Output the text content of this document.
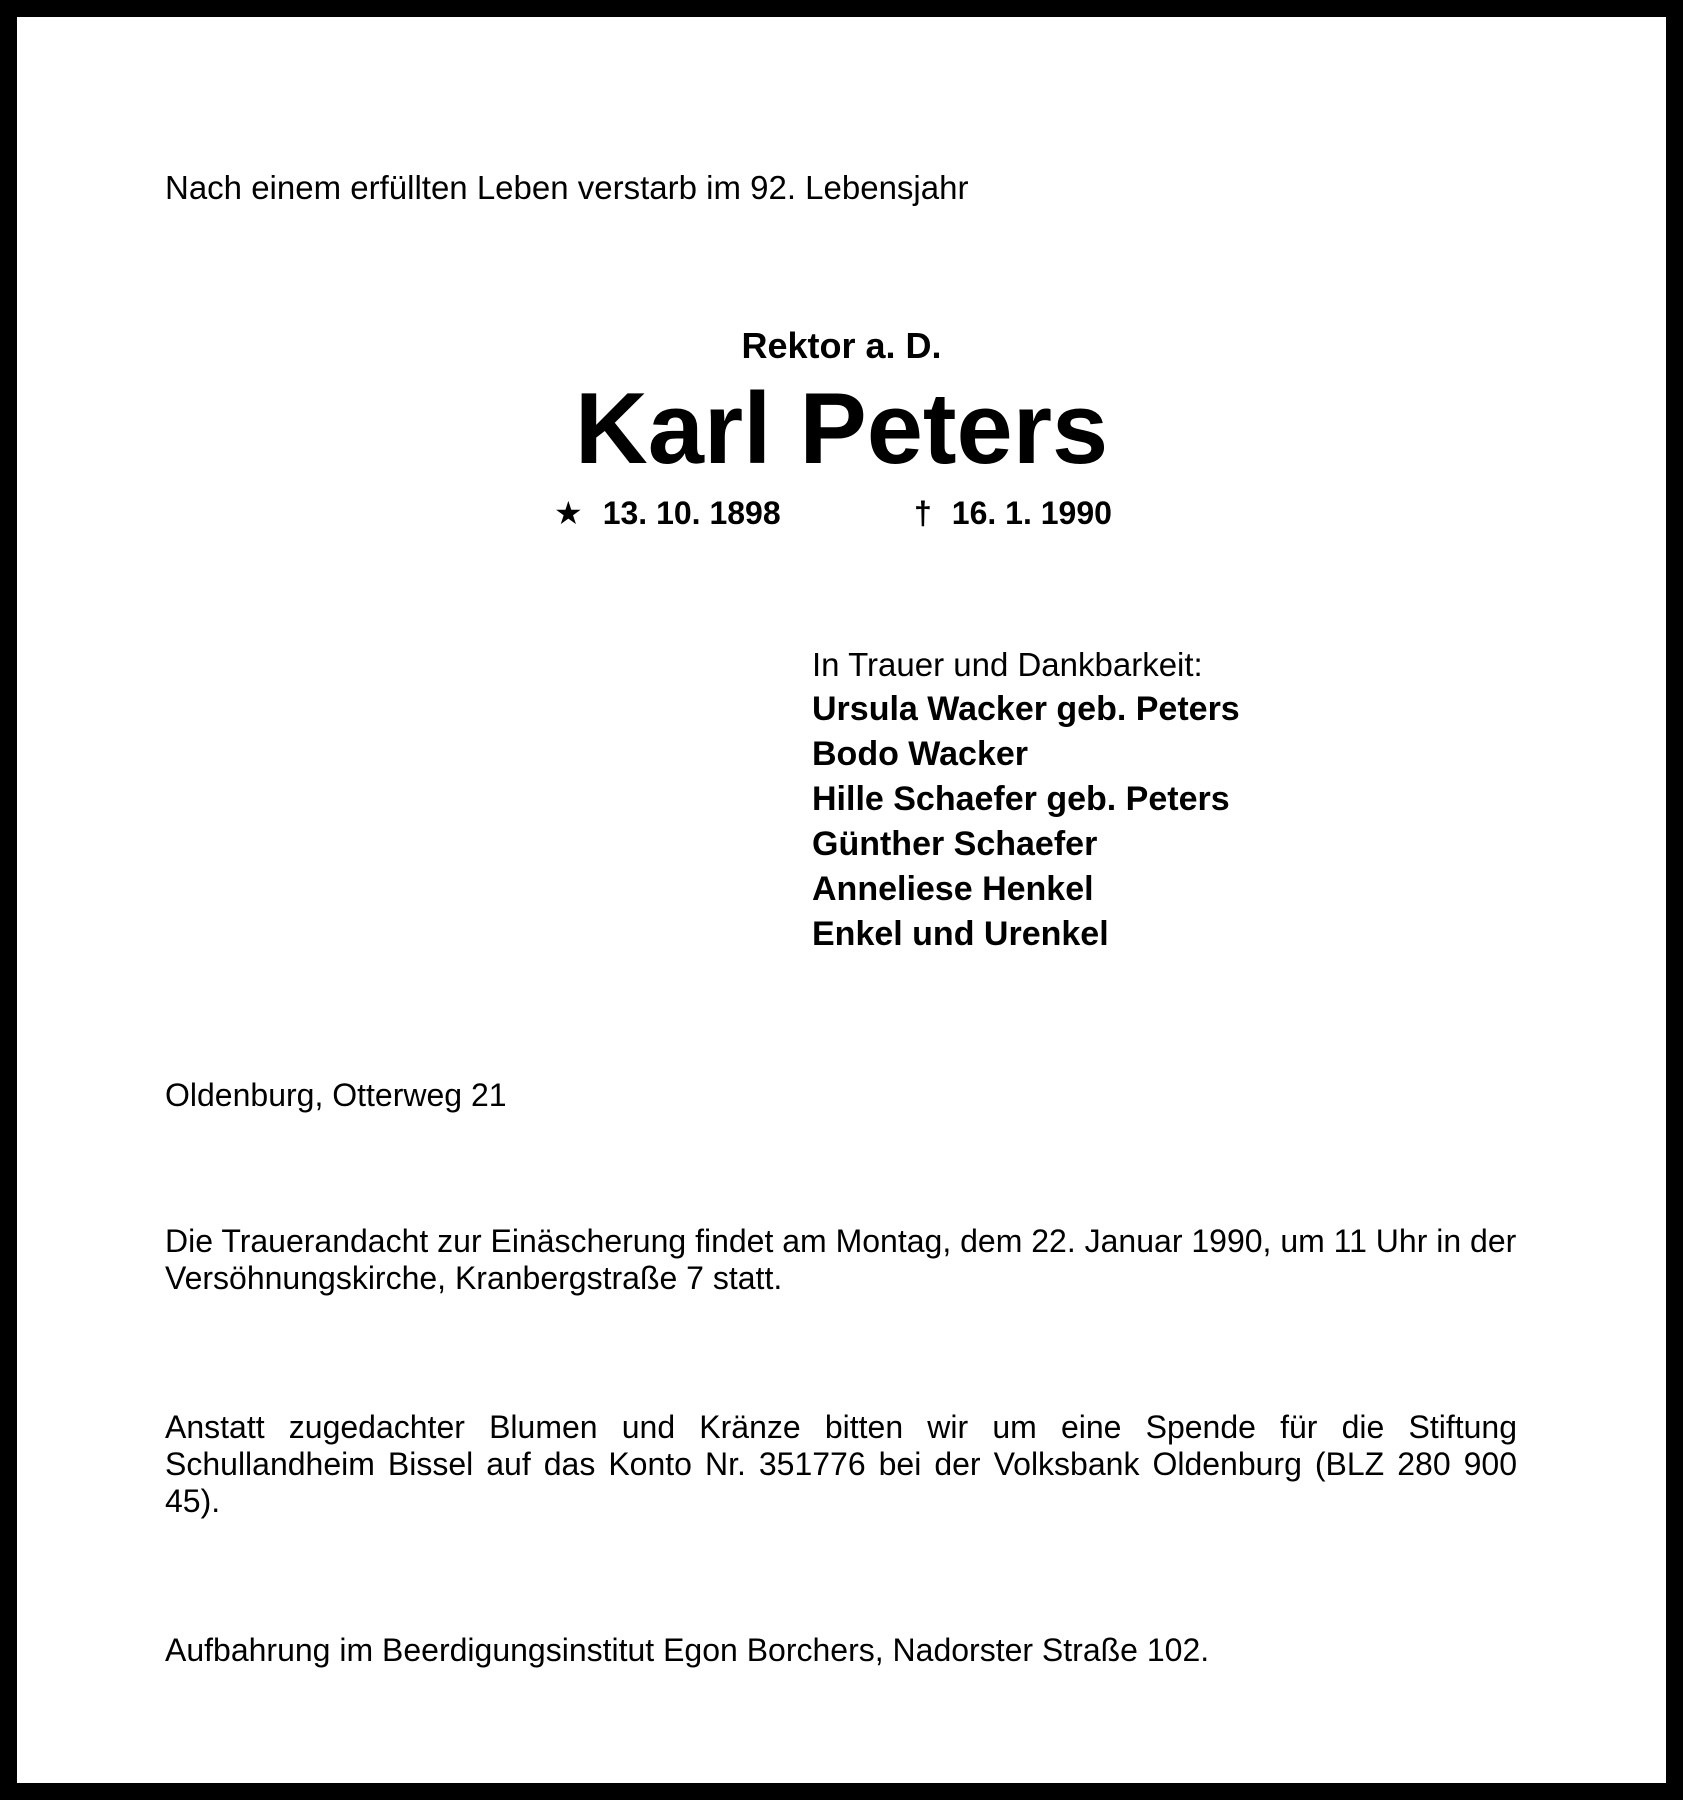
Nach einem erfüllten Leben verstarb im 92. Lebensjahr
Rektor a. D.
Karl Peters
★ 13. 10. 1898	† 16. 1. 1990
In Trauer und Dankbarkeit:
Ursula Wacker geb. Peters
Bodo Wacker
Hille Schaefer geb. Peters
Günther Schaefer
Anneliese Henkel
Enkel und Urenkel
Oldenburg, Otterweg 21

Die Trauerandacht zur Einäscherung findet am Montag, dem 22. Januar 1990, um 11 Uhr in der Versöhnungskirche, Kranbergstraße 7 statt.

Anstatt zugedachter Blumen und Kränze bitten wir um eine Spende für die Stiftung Schullandheim Bissel auf das Konto Nr. 351776 bei der Volksbank Oldenburg (BLZ 280 900 45).

Aufbahrung im Beerdigungsinstitut Egon Borchers, Nadorster Straße 102.
